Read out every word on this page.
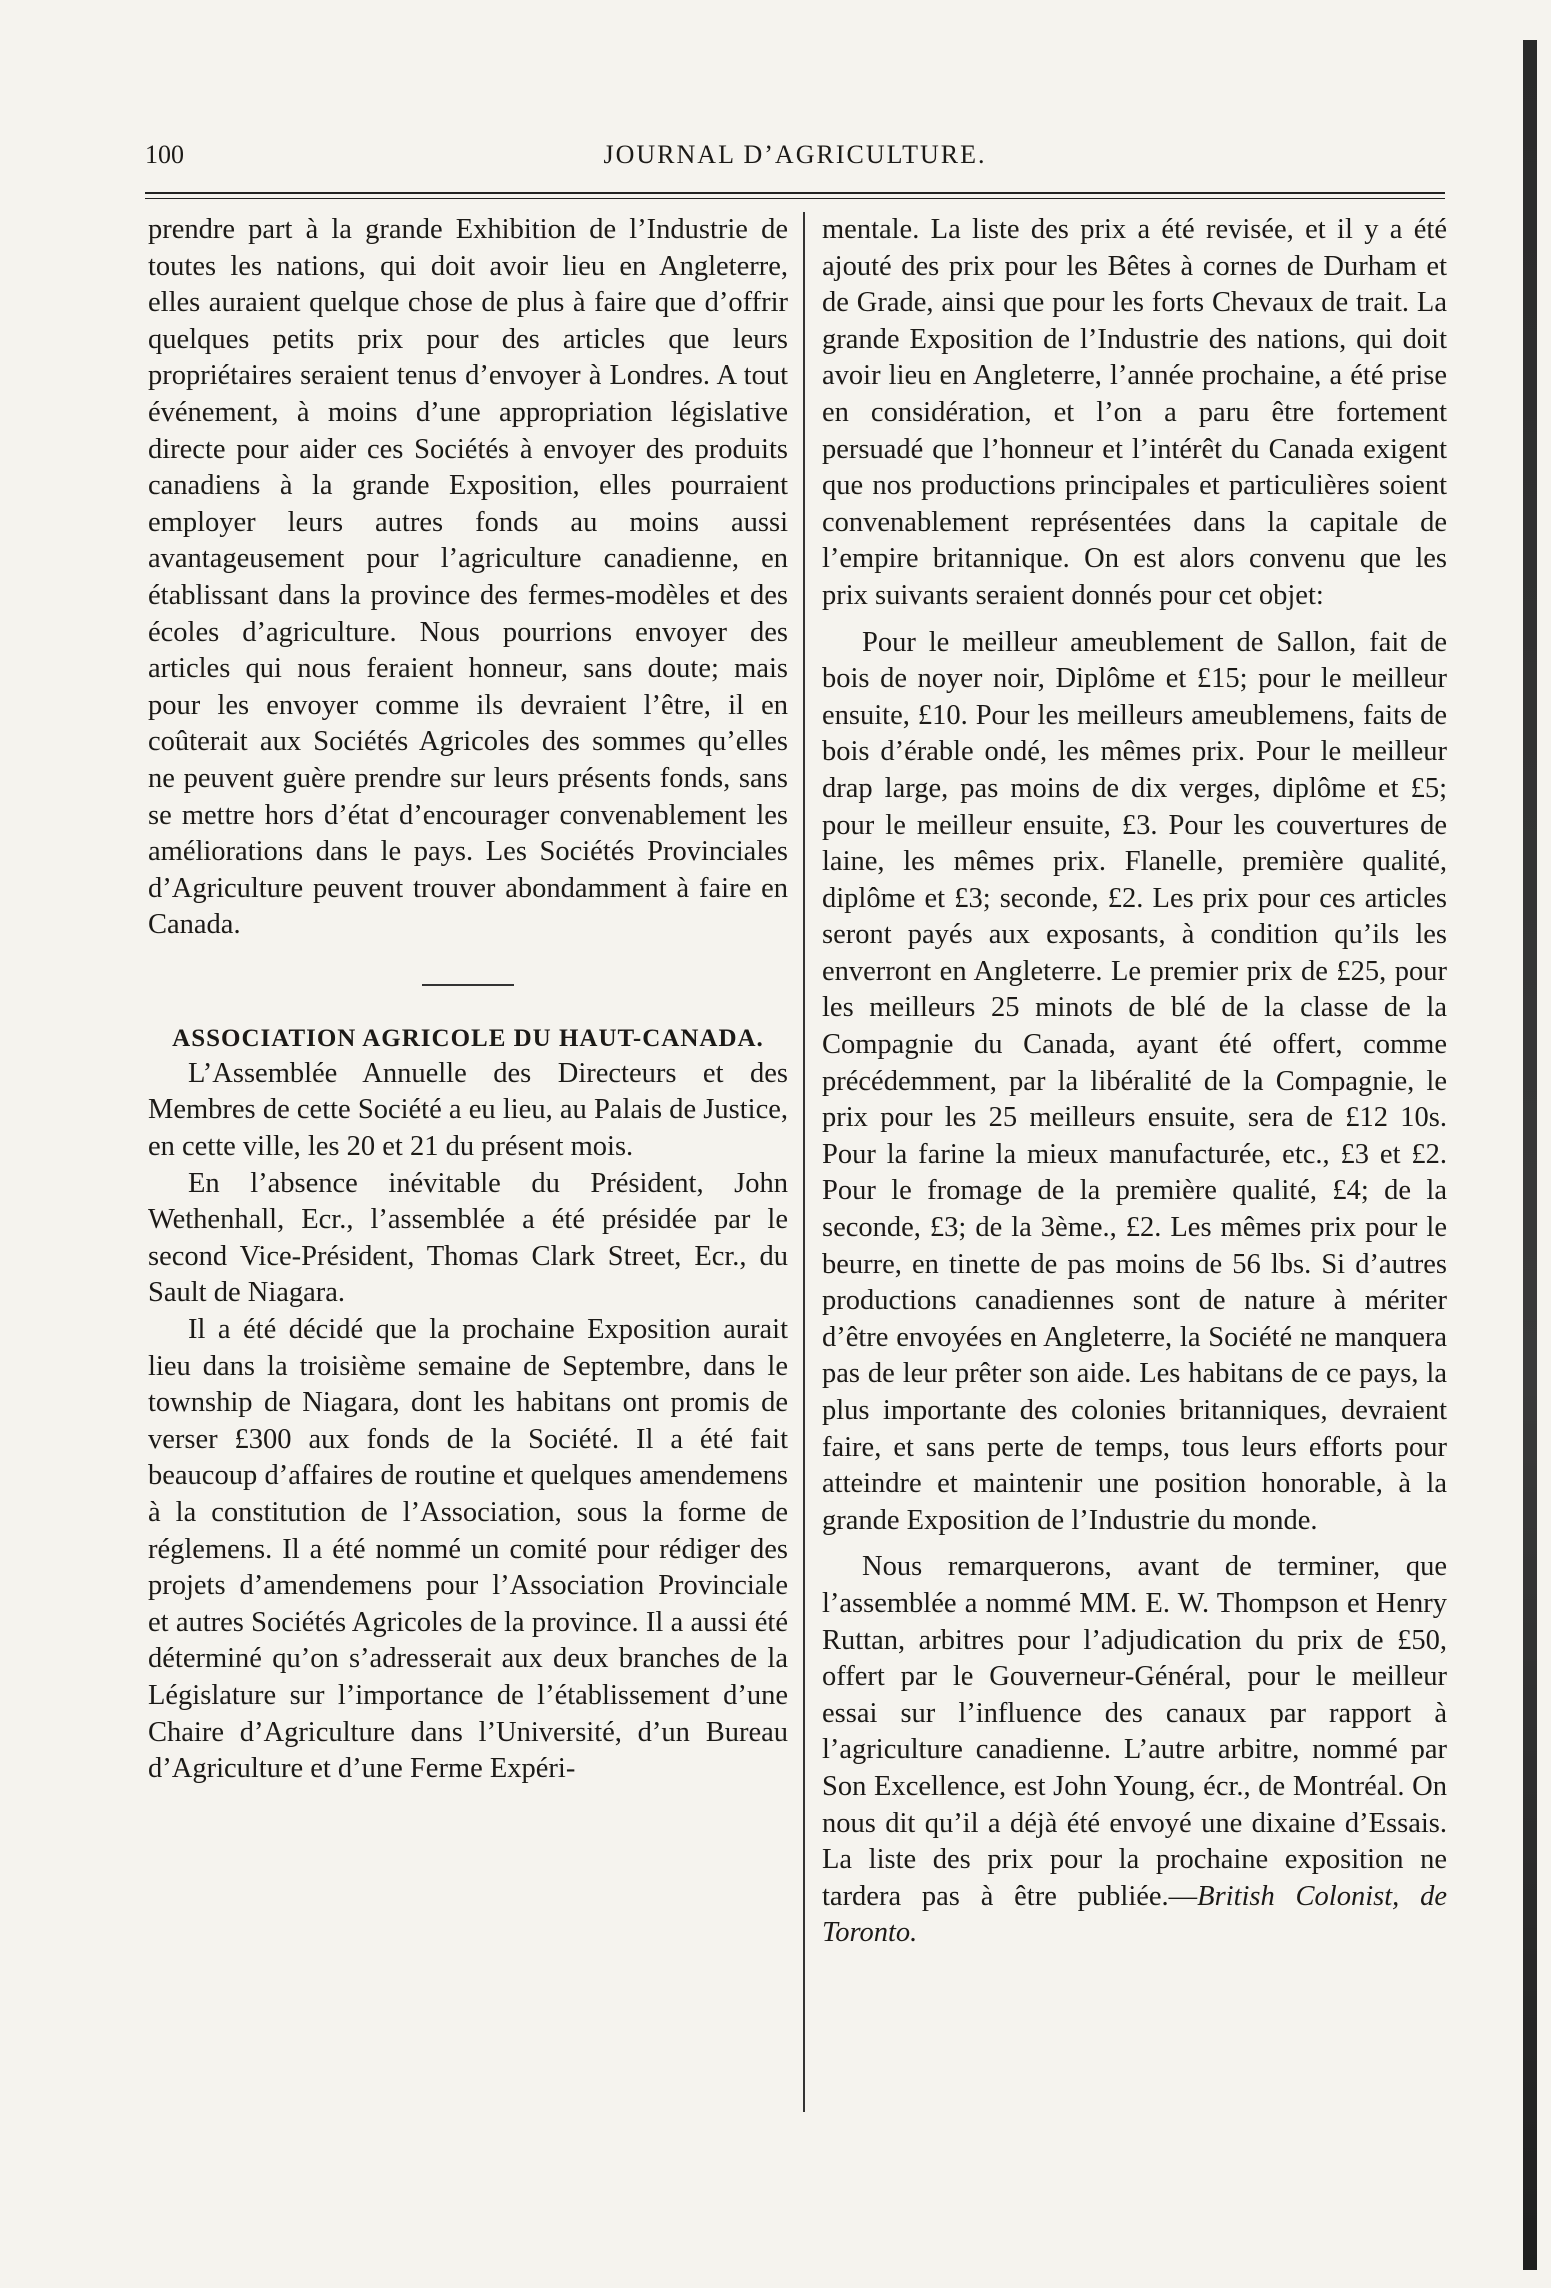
100	JOURNAL D’AGRICULTURE.

prendre part à la grande Exhibition de l’Industrie de toutes les nations, qui doit avoir lieu en Angleterre, elles auraient quelque chose de plus à faire que d’offrir quelques petits prix pour des articles que leurs propriétaires seraient tenus d’envoyer à Londres. A tout événement, à moins d’une appropriation législative directe pour aider ces Sociétés à envoyer des produits canadiens à la grande Exposition, elles pourraient employer leurs autres fonds au moins aussi avantageusement pour l’agriculture canadienne, en établissant dans la province des fermes-modèles et des écoles d’agriculture. Nous pourrions envoyer des articles qui nous feraient honneur, sans doute; mais pour les envoyer comme ils devraient l’être, il en coûterait aux Sociétés Agricoles des sommes qu’elles ne peuvent guère prendre sur leurs présents fonds, sans se mettre hors d’état d’encourager convenablement les améliorations dans le pays. Les Sociétés Provinciales d’Agriculture peuvent trouver abondamment à faire en Canada.

ASSOCIATION AGRICOLE DU HAUT-CANADA.

L’Assemblée Annuelle des Directeurs et des Membres de cette Société a eu lieu, au Palais de Justice, en cette ville, les 20 et 21 du présent mois.

En l’absence inévitable du Président, John Wethenhall, Ecr., l’assemblée a été présidée par le second Vice-Président, Thomas Clark Street, Ecr., du Sault de Niagara.

Il a été décidé que la prochaine Exposition aurait lieu dans la troisième semaine de Septembre, dans le township de Niagara, dont les habitans ont promis de verser £300 aux fonds de la Société. Il a été fait beaucoup d’affaires de routine et quelques amendemens à la constitution de l’Association, sous la forme de réglemens. Il a été nommé un comité pour rédiger des projets d’amendemens pour l’Association Provinciale et autres Sociétés Agricoles de la province. Il a aussi été déterminé qu’on s’adresserait aux deux branches de la Législature sur l’importance de l’établissement d’une Chaire d’Agriculture dans l’Université, d’un Bureau d’Agriculture et d’une Ferme Expéri-

mentale. La liste des prix a été revisée, et il y a été ajouté des prix pour les Bêtes à cornes de Durham et de Grade, ainsi que pour les forts Chevaux de trait. La grande Exposition de l’Industrie des nations, qui doit avoir lieu en Angleterre, l’année prochaine, a été prise en considération, et l’on a paru être fortement persuadé que l’honneur et l’intérêt du Canada exigent que nos productions principales et particulières soient convenablement représentées dans la capitale de l’empire britannique. On est alors convenu que les prix suivants seraient donnés pour cet objet:

Pour le meilleur ameublement de Sallon, fait de bois de noyer noir, Diplôme et £15; pour le meilleur ensuite, £10. Pour les meilleurs ameublemens, faits de bois d’érable ondé, les mêmes prix. Pour le meilleur drap large, pas moins de dix verges, diplôme et £5; pour le meilleur ensuite, £3. Pour les couvertures de laine, les mêmes prix. Flanelle, première qualité, diplôme et £3; seconde, £2. Les prix pour ces articles seront payés aux exposants, à condition qu’ils les enverront en Angleterre. Le premier prix de £25, pour les meilleurs 25 minots de blé de la classe de la Compagnie du Canada, ayant été offert, comme précédemment, par la libéralité de la Compagnie, le prix pour les 25 meilleurs ensuite, sera de £12 10s. Pour la farine la mieux manufacturée, etc., £3 et £2. Pour le fromage de la première qualité, £4; de la seconde, £3; de la 3ème., £2. Les mêmes prix pour le beurre, en tinette de pas moins de 56 lbs. Si d’autres productions canadiennes sont de nature à mériter d’être envoyées en Angleterre, la Société ne manquera pas de leur prêter son aide. Les habitans de ce pays, la plus importante des colonies britanniques, devraient faire, et sans perte de temps, tous leurs efforts pour atteindre et maintenir une position honorable, à la grande Exposition de l’Industrie du monde.

Nous remarquerons, avant de terminer, que l’assemblée a nommé MM. E. W. Thompson et Henry Ruttan, arbitres pour l’adjudication du prix de £50, offert par le Gouverneur-Général, pour le meilleur essai sur l’influence des canaux par rapport à l’agriculture canadienne. L’autre arbitre, nommé par Son Excellence, est John Young, écr., de Montréal. On nous dit qu’il a déjà été envoyé une dixaine d’Essais. La liste des prix pour la prochaine exposition ne tardera pas à être publiée.—British Colonist, de Toronto.
